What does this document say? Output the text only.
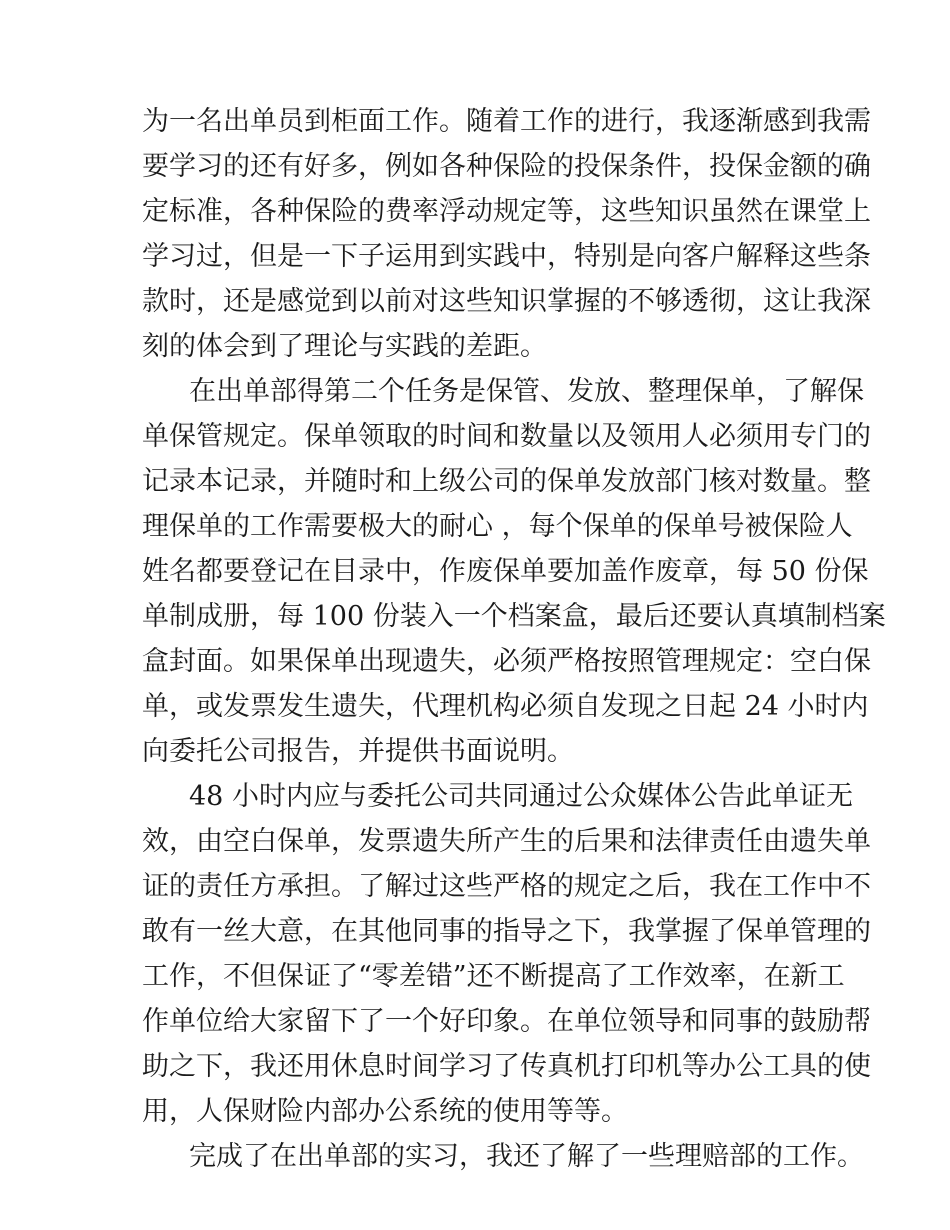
为一名出单员到柜面工作。随着工作的进行，我逐渐感到我需
要学习的还有好多，例如各种保险的投保条件，投保金额的确
定标准，各种保险的费率浮动规定等，这些知识虽然在课堂上
学习过，但是一下子运用到实践中，特别是向客户解释这些条
款时，还是感觉到以前对这些知识掌握的不够透彻，这让我深
刻的体会到了理论与实践的差距。
在出单部得第二个任务是保管、发放、整理保单，了解保
单保管规定。保单领取的时间和数量以及领用人必须用专门的
记录本记录，并随时和上级公司的保单发放部门核对数量。整
理保单的工作需要极大的耐心 ，每个保单的保单号被保险人
姓名都要登记在目录中，作废保单要加盖作废章，每 50 份保
单制成册，每 100 份装入一个档案盒，最后还要认真填制档案
盒封面。如果保单出现遗失，必须严格按照管理规定：空白保
单，或发票发生遗失，代理机构必须自发现之日起 24 小时内
向委托公司报告，并提供书面说明。
48 小时内应与委托公司共同通过公众媒体公告此单证无
效，由空白保单，发票遗失所产生的后果和法律责任由遗失单
证的责任方承担。了解过这些严格的规定之后，我在工作中不
敢有一丝大意，在其他同事的指导之下，我掌握了保单管理的
工作，不但保证了“零差错”还不断提高了工作效率，在新工
作单位给大家留下了一个好印象。在单位领导和同事的鼓励帮
助之下，我还用休息时间学习了传真机打印机等办公工具的使
用，人保财险内部办公系统的使用等等。
完成了在出单部的实习，我还了解了一些理赔部的工作。
